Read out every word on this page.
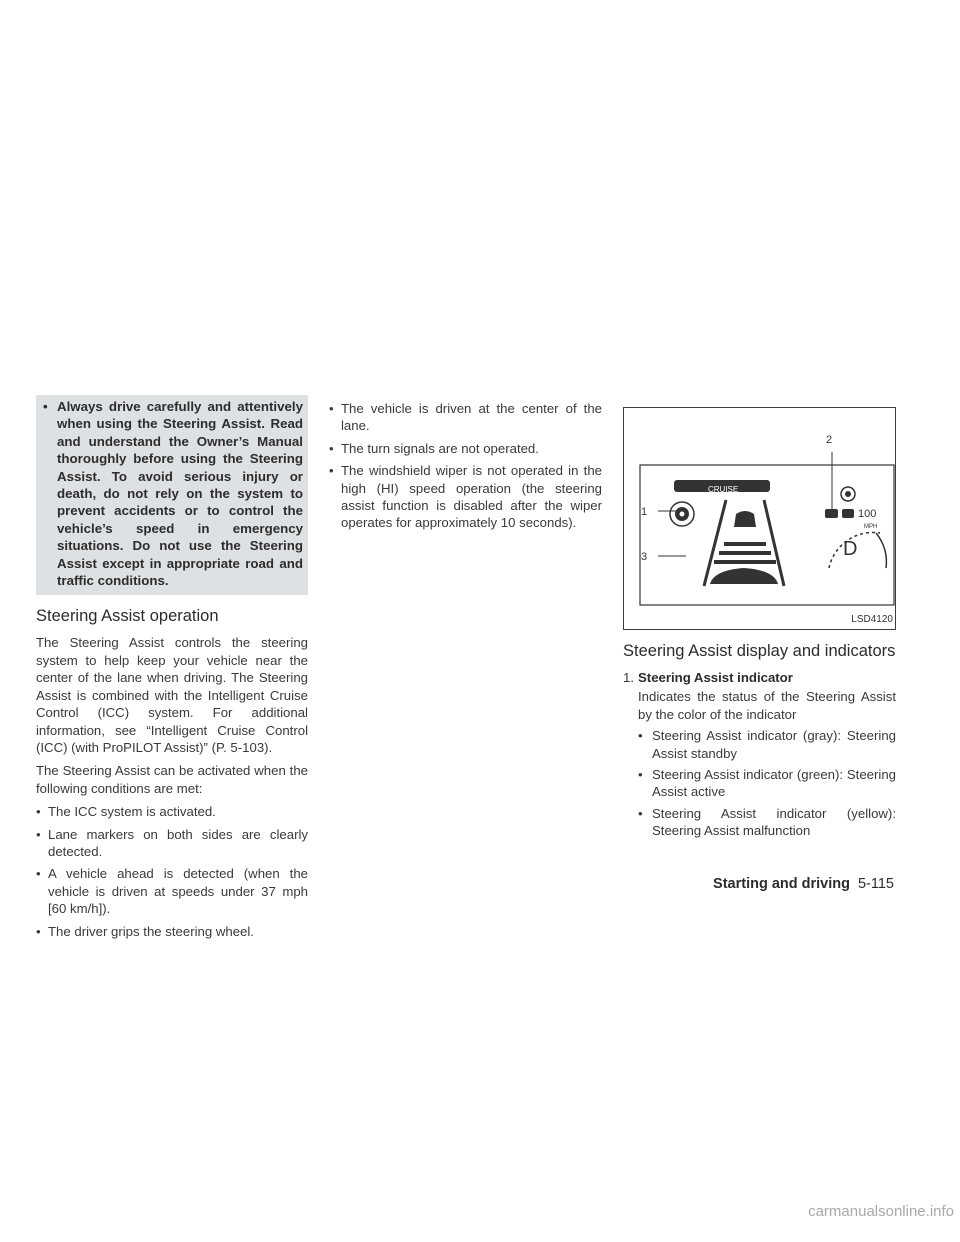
• Always drive carefully and attentively when using the Steering Assist. Read and understand the Owner’s Manual thoroughly before using the Steering Assist. To avoid serious injury or death, do not rely on the system to prevent accidents or to control the vehicle’s speed in emergency situations. Do not use the Steering Assist except in appropriate road and traffic conditions.
Steering Assist operation

The Steering Assist controls the steering system to help keep your vehicle near the center of the lane when driving. The Steering Assist is combined with the Intelligent Cruise Control (ICC) system. For additional information, see “Intelligent Cruise Control (ICC) (with ProPILOT Assist)” (P. 5-103).

The Steering Assist can be activated when the following conditions are met:

• The ICC system is activated.
• Lane markers on both sides are clearly detected.
• A vehicle ahead is detected (when the vehicle is driven at speeds under 37 mph [60 km/h]).
• The driver grips the steering wheel.
• The vehicle is driven at the center of the lane.
• The turn signals are not operated.
• The windshield wiper is not operated in the high (HI) speed operation (the steering assist function is disabled after the wiper operates for approximately 10 seconds).
1
2
3
CRUISE
100
MPH
D
LSD4120
Steering Assist display and indicators
1. Steering Assist indicator
Indicates the status of the Steering Assist by the color of the indicator
• Steering Assist indicator (gray): Steering Assist standby
• Steering Assist indicator (green): Steering Assist active
• Steering Assist indicator (yellow): Steering Assist malfunction
Starting and driving 5-115
carmanualsonline.info
